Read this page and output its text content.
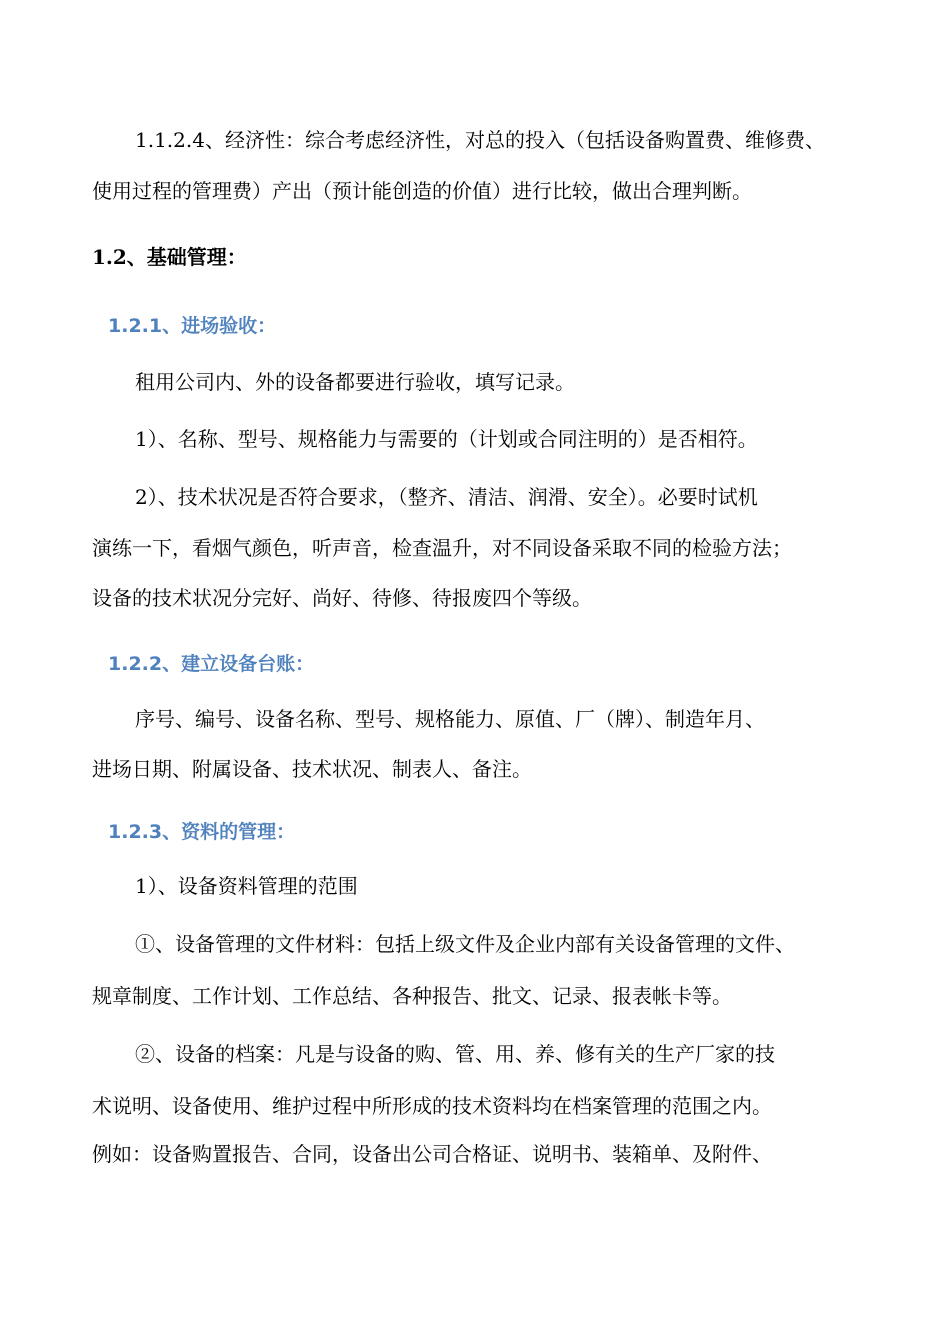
1.1.2.4、经济性：综合考虑经济性，对总的投入（包括设备购置费、维修费、
使用过程的管理费）产出（预计能创造的价值）进行比较，做出合理判断。
1.2、基础管理：
1.2.1、进场验收：
租用公司内、外的设备都要进行验收，填写记录。
1）、名称、型号、规格能力与需要的（计划或合同注明的）是否相符。
2）、技术状况是否符合要求，（整齐、清洁、润滑、安全）。必要时试机
演练一下，看烟气颜色，听声音，检查温升，对不同设备采取不同的检验方法；
设备的技术状况分完好、尚好、待修、待报废四个等级。
1.2.2、建立设备台账：
序号、编号、设备名称、型号、规格能力、原值、厂（牌）、制造年月、
进场日期、附属设备、技术状况、制表人、备注。
1.2.3、资料的管理：
1）、设备资料管理的范围
①、设备管理的文件材料：包括上级文件及企业内部有关设备管理的文件、
规章制度、工作计划、工作总结、各种报告、批文、记录、报表帐卡等。
②、设备的档案：凡是与设备的购、管、用、养、修有关的生产厂家的技
术说明、设备使用、维护过程中所形成的技术资料均在档案管理的范围之内。
例如：设备购置报告、合同，设备出公司合格证、说明书、装箱单、及附件、
